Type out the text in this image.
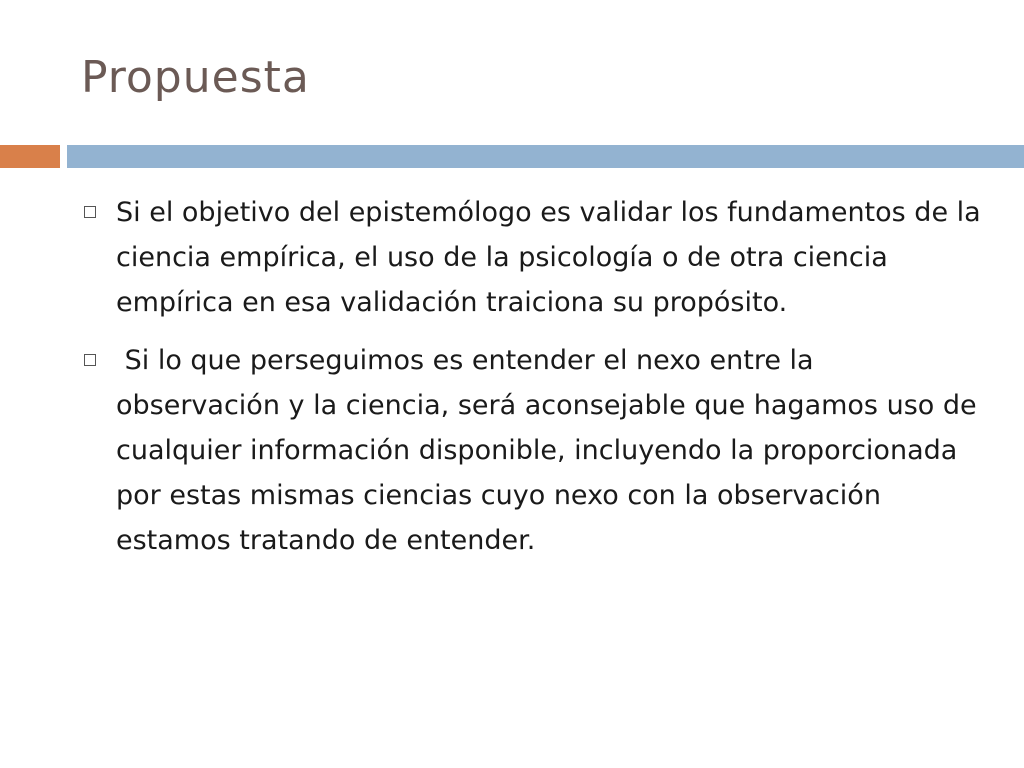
Propuesta
Si el objetivo del epistemólogo es validar los fundamentos de la ciencia empírica, el uso de la psicología o de otra ciencia empírica en esa validación traiciona su propósito.
Si lo que perseguimos es entender el nexo entre la observación y la ciencia, será aconsejable que hagamos uso de cualquier información disponible, incluyendo la proporcionada por estas mismas ciencias cuyo nexo con la observación estamos tratando de entender.
